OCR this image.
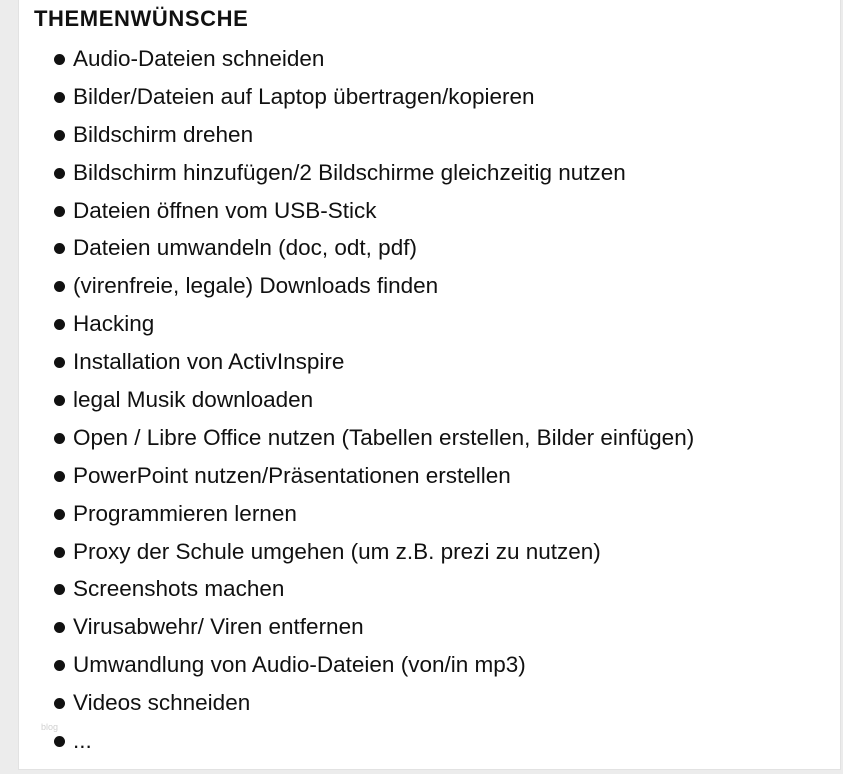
THEMENWÜNSCHE
Audio-Dateien schneiden
Bilder/Dateien auf Laptop übertragen/kopieren
Bildschirm drehen
Bildschirm hinzufügen/2 Bildschirme gleichzeitig nutzen
Dateien öffnen vom USB-Stick
Dateien umwandeln (doc, odt, pdf)
(virenfreie, legale) Downloads finden
Hacking
Installation von ActivInspire
legal Musik downloaden
Open / Libre Office nutzen (Tabellen erstellen, Bilder einfügen)
PowerPoint nutzen/Präsentationen erstellen
Programmieren lernen
Proxy der Schule umgehen (um z.B. prezi zu nutzen)
Screenshots machen
Virusabwehr/ Viren entfernen
Umwandlung von Audio-Dateien (von/in mp3)
Videos schneiden
...
blog
